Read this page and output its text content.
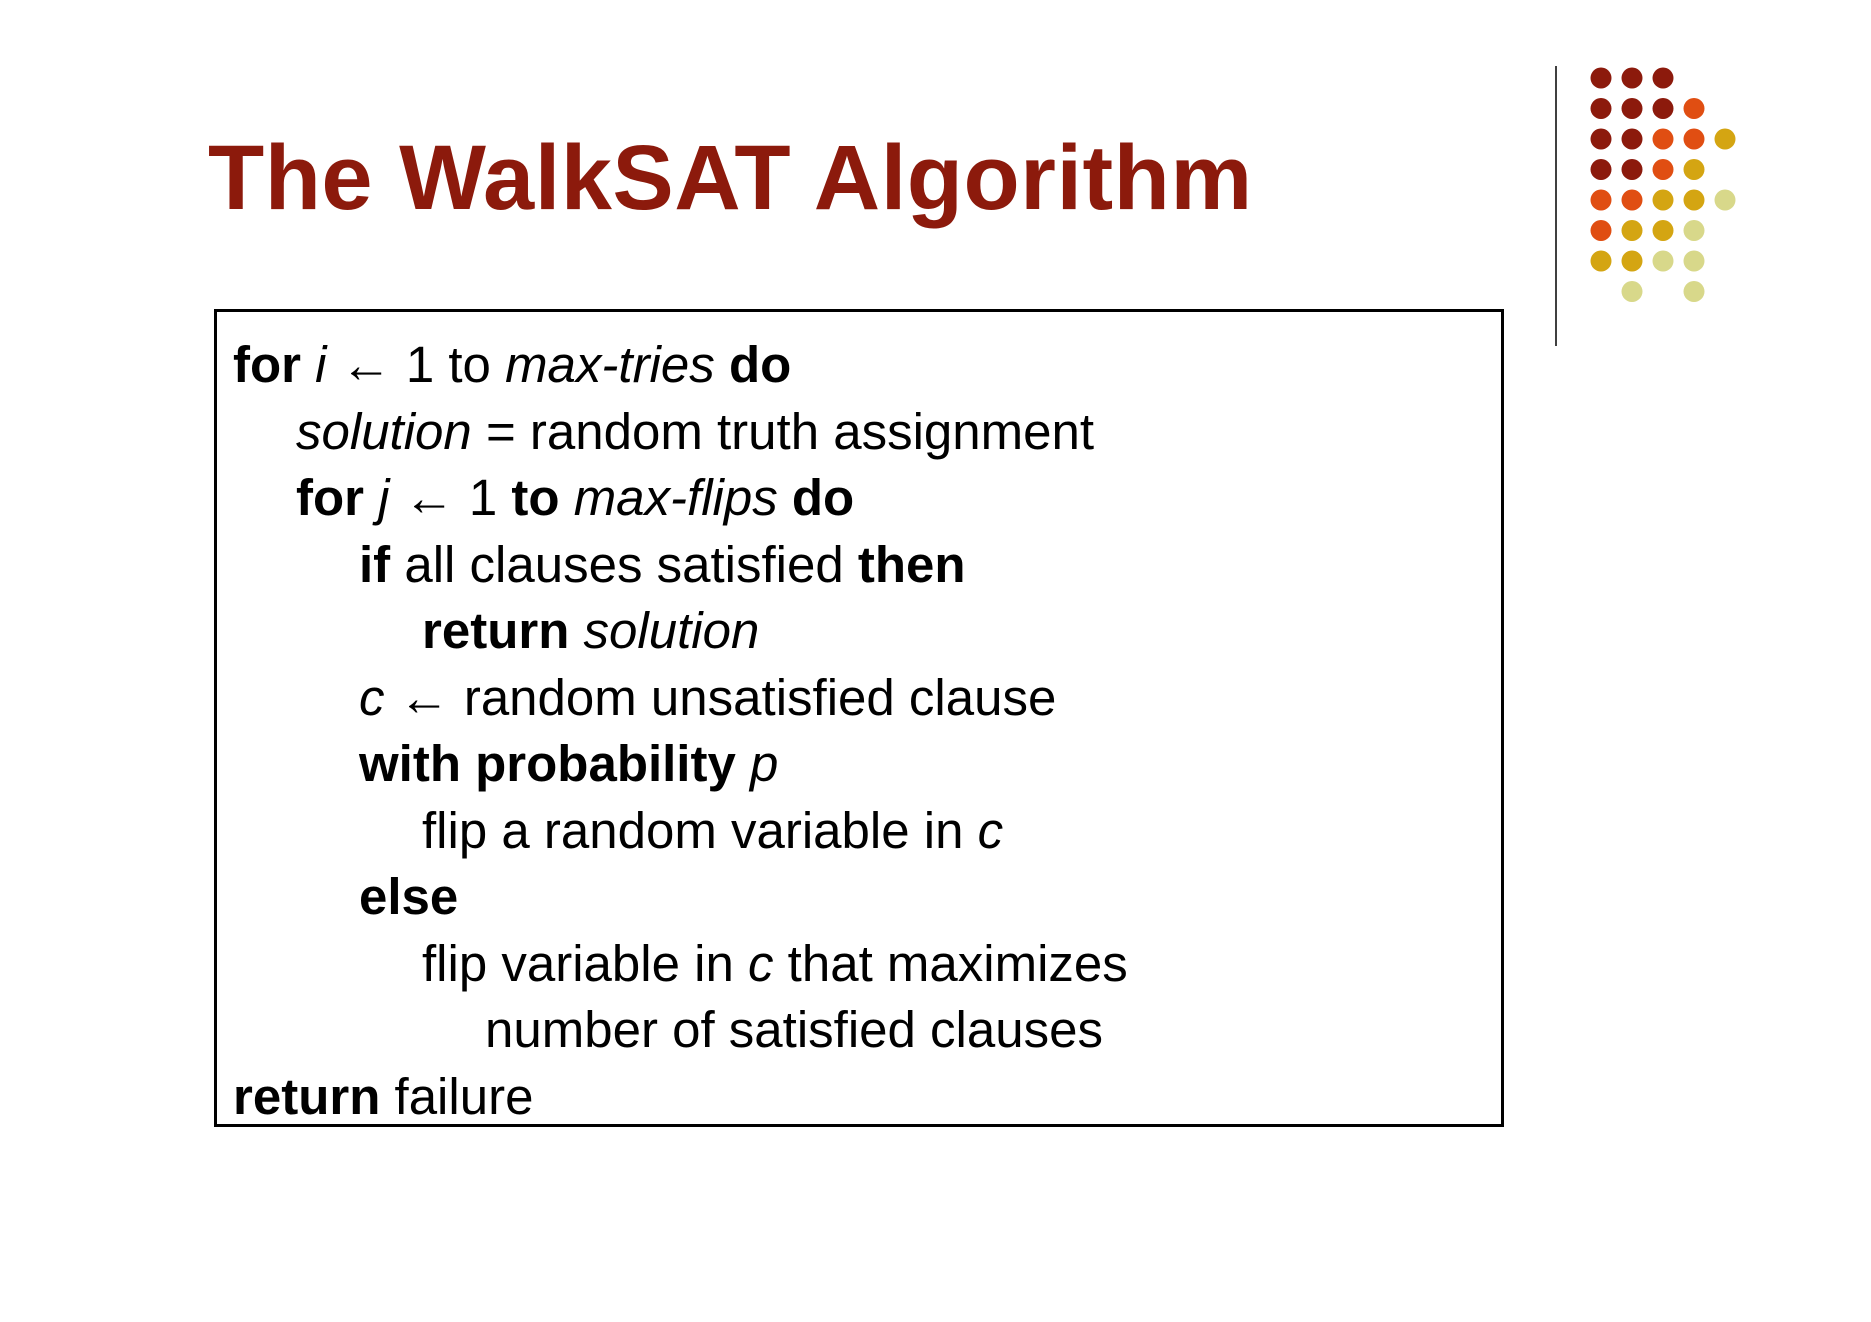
The WalkSAT Algorithm
for i ← 1 to max-tries do
solution = random truth assignment
for j ← 1 to max-flips do
if all clauses satisfied then
return solution
c ← random unsatisfied clause
with probability p
flip a random variable in c
else
flip variable in c that maximizes
number of satisfied clauses
return failure
